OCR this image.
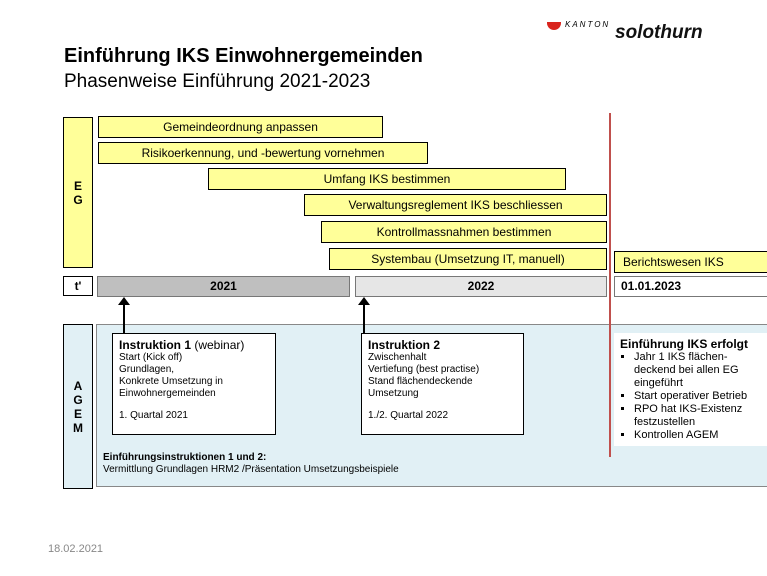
Einführung IKS Einwohnergemeinden
Phasenweise Einführung 2021-2023
KANTON solothurn
E
G
Gemeindeordnung anpassen
Risikoerkennung, und -bewertung vornehmen
Umfang IKS bestimmen
Verwaltungsreglement IKS beschliessen
Kontrollmassnahmen bestimmen
Systembau (Umsetzung IT, manuell)	Berichtswesen IKS
t'	2021	2022	01.01.2023
A
G
E
M
Instruktion 1 (webinar)
Start (Kick off)
Grundlagen,
Konkrete Umsetzung in
Einwohnergemeinden
1. Quartal 2021
Instruktion 2
Zwischenhalt
Vertiefung (best practise)
Stand flächendeckende
Umsetzung
1./2. Quartal 2022
Einführungsinstruktionen 1 und 2:
Vermittlung Grundlagen HRM2 /Präsentation Umsetzungsbeispiele
Einführung IKS erfolgt
▪ Jahr 1 IKS flächen-deckend bei allen EG eingeführt
▪ Start operativer Betrieb
▪ RPO hat IKS-Existenz festzustellen
▪ Kontrollen AGEM
18.02.2021
